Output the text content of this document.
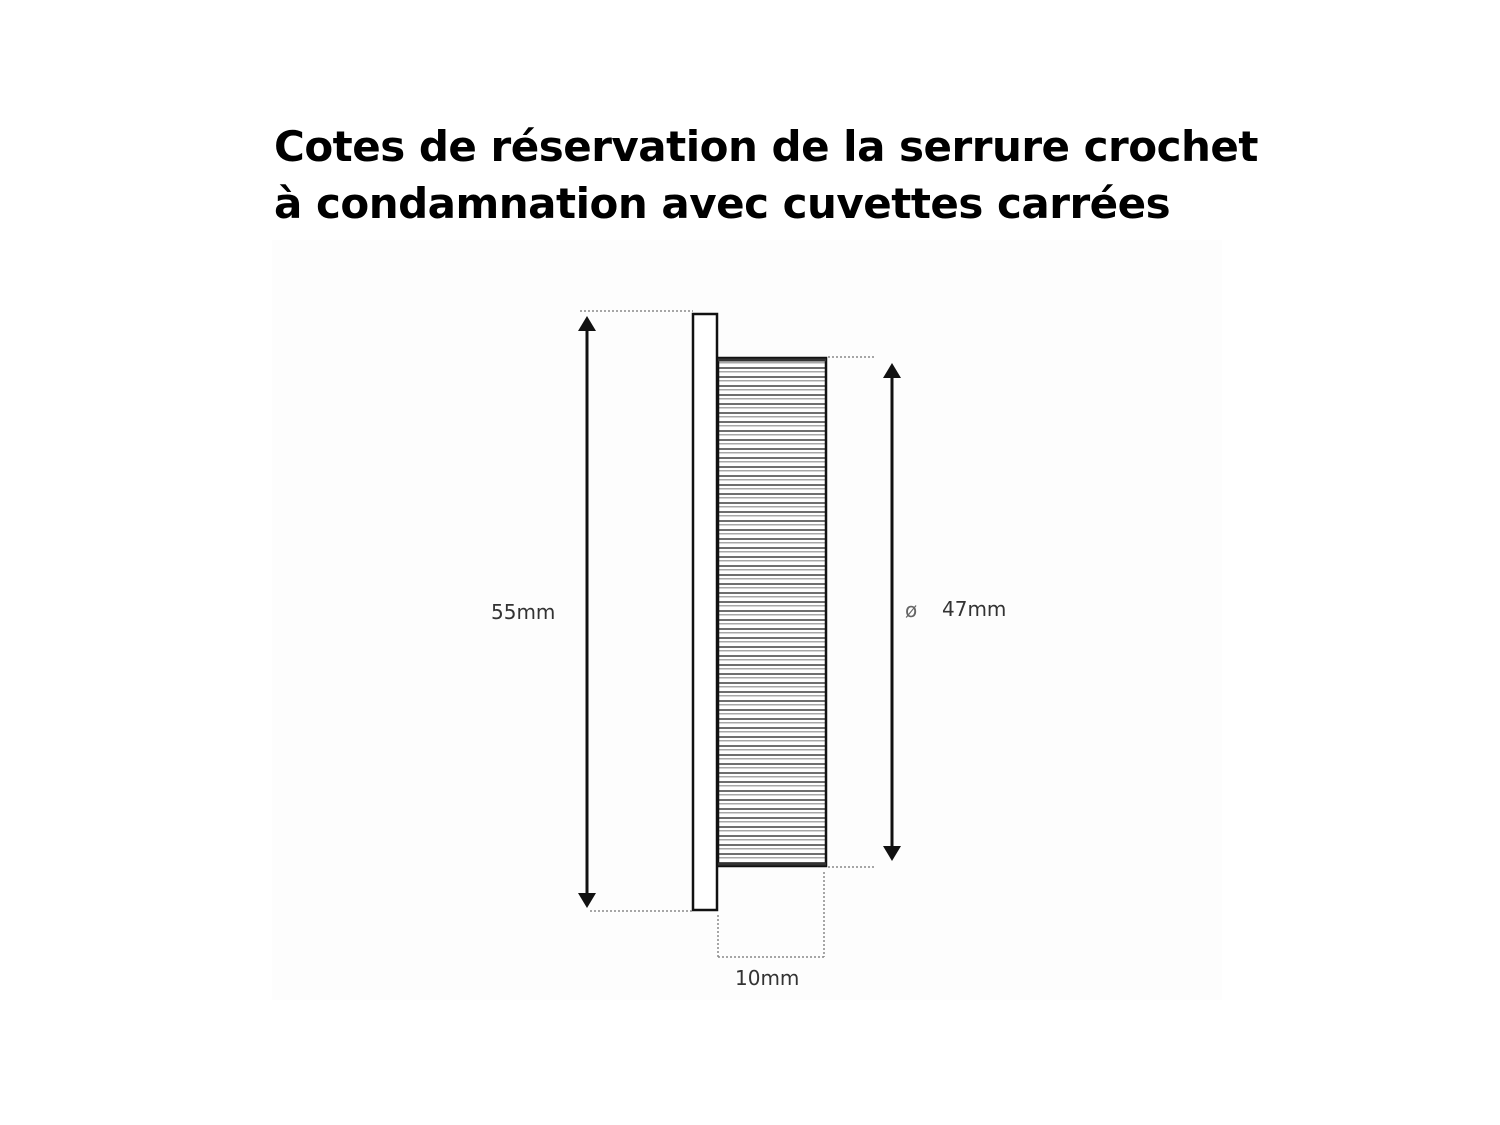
Cotes de réservation de la serrure crochet
à condamnation avec cuvettes carrées
55mm	ø 47mm
10mm
